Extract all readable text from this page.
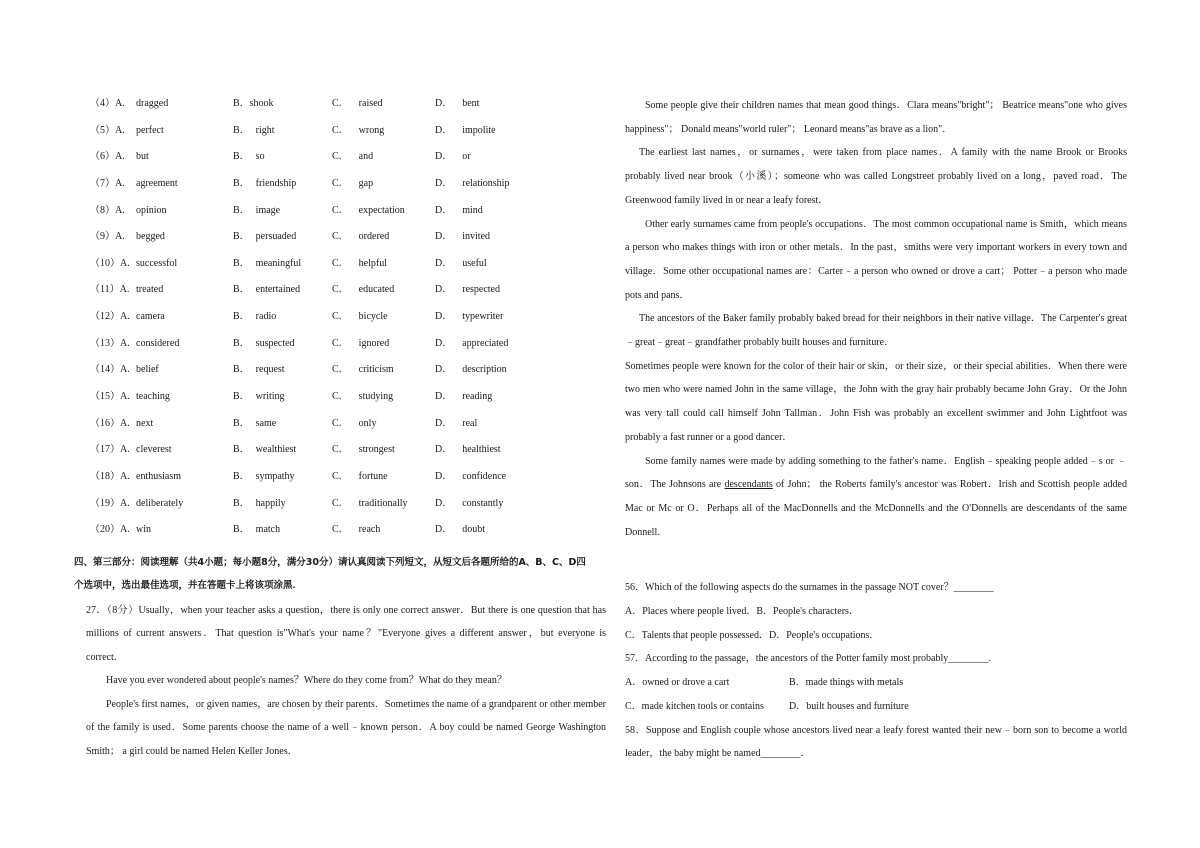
（4）A. dragged	B．shook	C． raised	D． bent
（5）A. perfect	B． right	C． wrong	D． impolite
（6）A. but	B． so	C． and	D． or
（7）A. agreement	B． friendship	C． gap	D． relationship
（8）A. opinion	B． image	C． expectation	D． mind
（9）A. begged	B． persuaded	C． ordered	D． invited
（10）A. successfol	B． meaningful	C． helpful	D． useful
（11）A. treated	B． entertained	C． educated	D． respected
（12）A. camera	B． radio	C． bicycle	D． typewriter
（13）A. considered	B． suspected	C． ignored	D． appreciated
（14）A. belief	B． request	C． criticism	D． description
（15）A. teaching	B． writing	C． studying	D． reading
（16）A. next	B． same	C． only	D． real
（17）A. cleverest	B． wealthiest	C． strongest	D． healthiest
（18）A. enthusiasm	B． sympathy	C． fortune	D． confidence
（19）A. deliberately	B． happily	C． traditionally	D． constantly
（20）A. win	B． match	C． reach	D． doubt
四、第三部分：阅读理解（共4小题；每小题8分，满分30分）请认真阅读下列短文，从短文后各题所给的A、B、C、D四个选项中，选出最佳选项，并在答题卡上将该项涂黑．
27．（8分）Usually，when your teacher asks a question，there is only one correct answer．But there is one question that has millions of current answers．That question is"What's your name？"Everyone gives a different answer，but everyone is correct．
Have you ever wondered about people's names？Where do they come from？What do they mean？
People's first names，or given names，are chosen by their parents．Sometimes the name of a grandparent or other member of the family is used．Some parents choose the name of a well﹣known person．A boy could be named George Washington Smith； a girl could be named Helen Keller Jones．

Some people give their children names that mean good things．Clara means"bright"； Beatrice means"one who gives happiness"； Donald means"world ruler"； Leonard means"as brave as a lion"．

The earliest last names，or surnames，were taken from place names．A family with the name Brook or Brooks probably lived near brook（小溪）；someone who was called Longstreet probably lived on a long，paved road．The Greenwood family lived in or near a leafy forest．

Other early surnames came from people's occupations．The most common occupational name is Smith，which means a person who makes things with iron or other metals．In the past，smiths were very important workers in every town and village．Some other occupational names are：Carter﹣a person who owned or drove a cart； Potter﹣a person who made pots and pans．

The ancestors of the Baker family probably baked bread for their neighbors in their native village．The Carpenter's great﹣great﹣great﹣grandfather probably built houses and furniture．

Sometimes people were known for the color of their hair or skin，or their size，or their special abilities．When there were two men who were named John in the same village，the John with the gray hair probably became John Gray．Or the John was very tall could call himself John Tallman．John Fish was probably an excellent swimmer and John Lightfoot was probably a fast runner or a good dancer．

Some family names were made by adding something to the father's name．English﹣speaking people added﹣s or ﹣son．The Johnsons are descendants of John； the Roberts family's ancestor was Robert．Irish and Scottish people added Mac or Mc or O．Perhaps all of the MacDonnells and the McDonnells and the O'Donnells are descendants of the same Donnell．

56．Which of the following aspects do the surnames in the passage NOT cover？________

A．Places where people lived．B．People's characters．

C．Talents that people possessed．D．People's occupations．

57．According to the passage，the ancestors of the Potter family most probably________．

A．owned or drove a cart	B．made things with metals

C．made kitchen tools or contains	D．built houses and furniture

58．Suppose and English couple whose ancestors lived near a leafy forest wanted their new﹣born son to become a world leader，the baby might be named________．
